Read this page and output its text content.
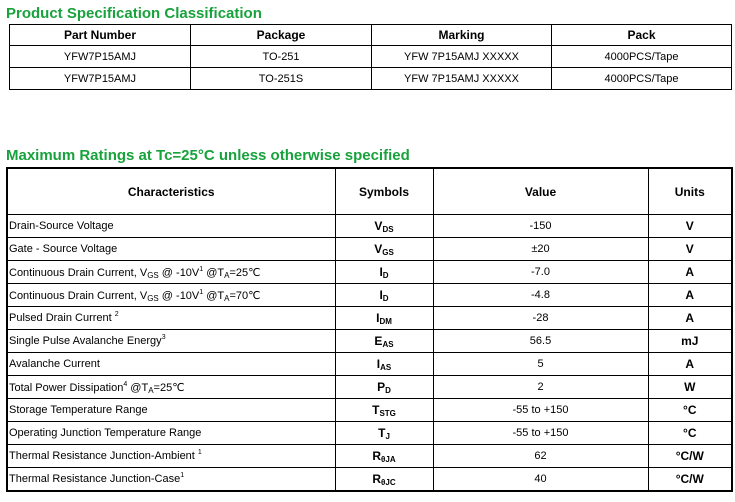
Product Specification Classification
Part Number	Package	Marking	Pack
YFW7P15AMJ	TO-251	YFW 7P15AMJ XXXXX	4000PCS/Tape
YFW7P15AMJ	TO-251S	YFW 7P15AMJ XXXXX	4000PCS/Tape
Maximum Ratings at Tc=25°C unless otherwise specified
Characteristics	Symbols	Value	Units
Drain-Source Voltage	VDS	-150	V
Gate - Source Voltage	VGS	±20	V
Continuous Drain Current, $V_{GS}$ @ $-10V^1$ $@T_A=25℃$	ID	-7.0	A
Continuous Drain Current, $V_{GS}$ @ $-10V^1$ $@T_A=70℃$	ID	-4.8	A
Pulsed Drain Current $^2$	IDM	-28	A
Single Pulse Avalanche Energy$^3$	EAS	56.5	mJ
Avalanche Current	IAS	5	A
Total Power Dissipation$^4$ $@T_A=25℃$	PD	2	W
Storage Temperature Range	TSTG	-55 to +150	°C
Operating Junction Temperature Range	TJ	-55 to +150	°C
Thermal Resistance Junction-Ambient $^1$	RθJA	62	°C/W
Thermal Resistance Junction-Case$^1$	RθJC	40	°C/W
